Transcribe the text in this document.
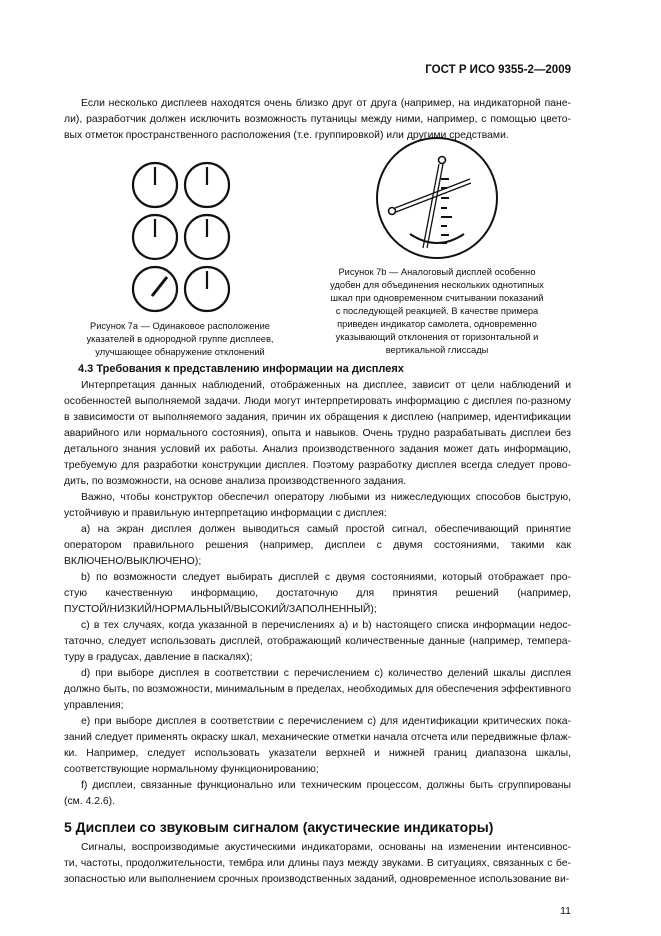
ГОСТ Р ИСО 9355-2—2009
Если несколько дисплеев находятся очень близко друг от друга (например, на индикаторной пане-
ли), разработчик должен исключить возможность путаницы между ними, например, с помощью цвето-
вых отметок пространственного расположения (т.е. группировкой) или другими средствами.
Рисунок 7а — Одинаковое расположение
указателей в однородной группе дисплеев,
улучшающее обнаружение отклонений
Рисунок 7b — Аналоговый дисплей особенно
удобен для объединения нескольких однотипных
шкал при одновременном считывании показаний
с последующей реакцией. В качестве примера
приведен индикатор самолета, одновременно
указывающий отклонения от горизонтальной и
вертикальной глиссады
4.3 Требования к представлению информации на дисплеях
Интерпретация данных наблюдений, отображенных на дисплее, зависит от цели наблюдений и
особенностей выполняемой задачи. Люди могут интерпретировать информацию с дисплея по-разному
в зависимости от выполняемого задания, причин их обращения к дисплею (например, идентификации
аварийного или нормального состояния), опыта и навыков. Очень трудно разрабатывать дисплеи без
детального знания условий их работы. Анализ производственного задания может дать информацию,
требуемую для разработки конструкции дисплея. Поэтому разработку дисплея всегда следует прово-
дить, по возможности, на основе анализа производственного задания.
Важно, чтобы конструктор обеспечил оператору любыми из нижеследующих способов быструю,
устойчивую и правильную интерпретацию информации с дисплея:
a) на экран дисплея должен выводиться самый простой сигнал, обеспечивающий принятие
оператором правильного решения (например, дисплеи с двумя состояниями, такими как
ВКЛЮЧЕНО/ВЫКЛЮЧЕНО);
b) по возможности следует выбирать дисплей с двумя состояниями, который отображает про-
стую качественную информацию, достаточную для принятия решений (например,
ПУСТОЙ/НИЗКИЙ/НОРМАЛЬНЫЙ/ВЫСОКИЙ/ЗАПОЛНЕННЫЙ);
c) в тех случаях, когда указанной в перечислениях a) и b) настоящего списка информации недос-
таточно, следует использовать дисплей, отображающий количественные данные (например, темпера-
туру в градусах, давление в паскалях);
d) при выборе дисплея в соответствии с перечислением c) количество делений шкалы дисплея
должно быть, по возможности, минимальным в пределах, необходимых для обеспечения эффективного
управления;
e) при выборе дисплея в соответствии с перечислением c) для идентификации критических пока-
заний следует применять окраску шкал, механические отметки начала отсчета или передвижные флаж-
ки. Например, следует использовать указатели верхней и нижней границ диапазона шкалы,
соответствующие нормальному функционированию;
f) дисплеи, связанные функционально или техническим процессом, должны быть сгруппированы
(см. 4.2.6).
5 Дисплеи со звуковым сигналом (акустические индикаторы)
Сигналы, воспроизводимые акустическими индикаторами, основаны на изменении интенсивнос-
ти, частоты, продолжительности, тембра или длины пауз между звуками. В ситуациях, связанных с бе-
зопасностью или выполнением срочных производственных заданий, одновременное использование ви-
11
